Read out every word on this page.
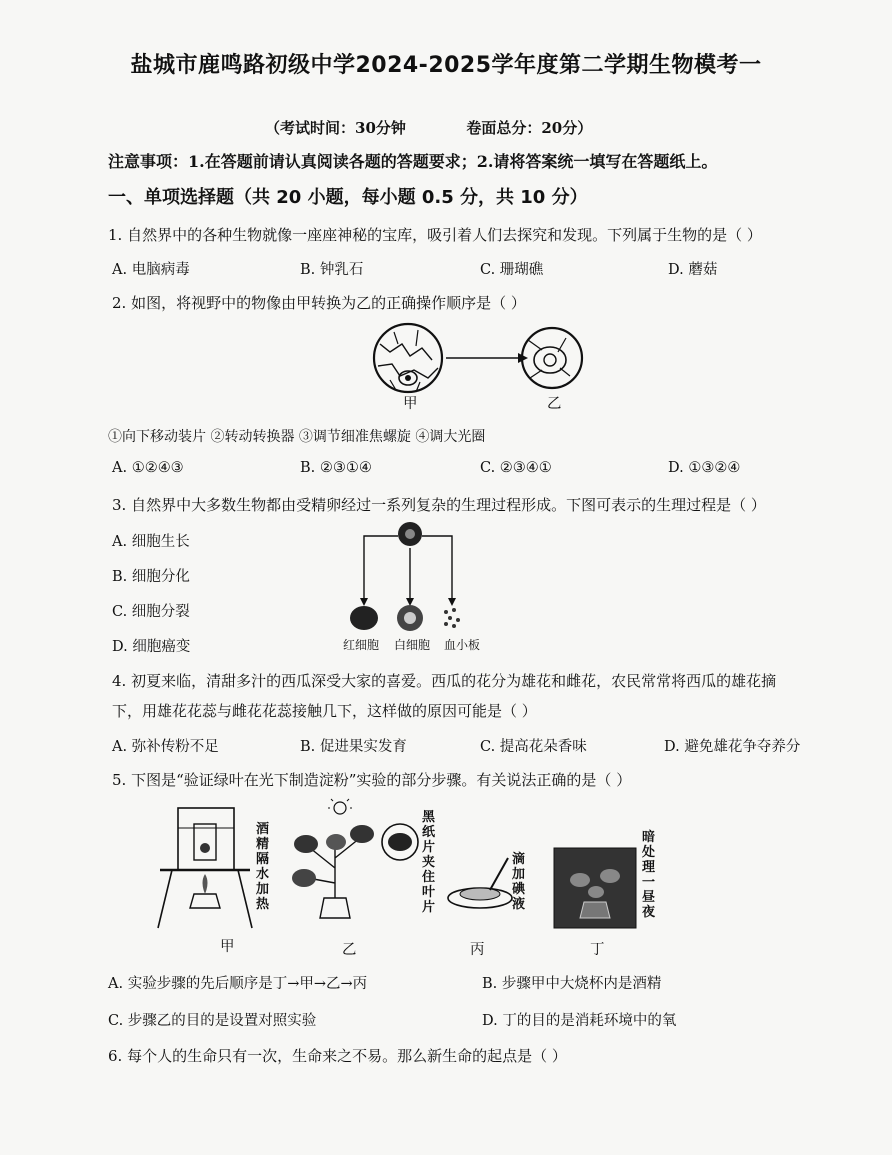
盐城市鹿鸣路初级中学2024-2025学年度第二学期生物模考一
（考试时间：30分钟	卷面总分：20分）
注意事项：1.在答题前请认真阅读各题的答题要求；2.请将答案统一填写在答题纸上。
一、单项选择题（共 20 小题，每小题 0.5 分，共 10 分）
1. 自然界中的各种生物就像一座座神秘的宝库，吸引着人们去探究和发现。下列属于生物的是（ ）
A. 电脑病毒	B. 钟乳石	C. 珊瑚礁	D. 蘑菇
2. 如图，将视野中的物像由甲转换为乙的正确操作顺序是（ ）
甲	乙
①向下移动装片 ②转动转换器 ③调节细准焦螺旋 ④调大光圈
A. ①②④③	B. ②③①④	C. ②③④①	D. ①③②④
3. 自然界中大多数生物都由受精卵经过一系列复杂的生理过程形成。下图可表示的生理过程是（ ）
A. 细胞生长
B. 细胞分化
C. 细胞分裂
D. 细胞癌变	红细胞 白细胞 血小板
4. 初夏来临，清甜多汁的西瓜深受大家的喜爱。西瓜的花分为雄花和雌花，农民常常将西瓜的雄花摘
下，用雄花花蕊与雌花花蕊接触几下，这样做的原因可能是（ ）
A. 弥补传粉不足	B. 促进果实发育	C. 提高花朵香味	D. 避免雄花争夺养分
5. 下图是“验证绿叶在光下制造淀粉”实验的部分步骤。有关说法正确的是（ ）
酒
精
隔
水
加
热
黑
纸
片
夹
住
叶
片
滴
加
碘
液
暗
处
理
一
昼
夜
甲	乙	丙	丁
A. 实验步骤的先后顺序是丁→甲→乙→丙	B. 步骤甲中大烧杯内是酒精
C. 步骤乙的目的是设置对照实验	D. 丁的目的是消耗环境中的氧
6. 每个人的生命只有一次，生命来之不易。那么新生命的起点是（ ）
